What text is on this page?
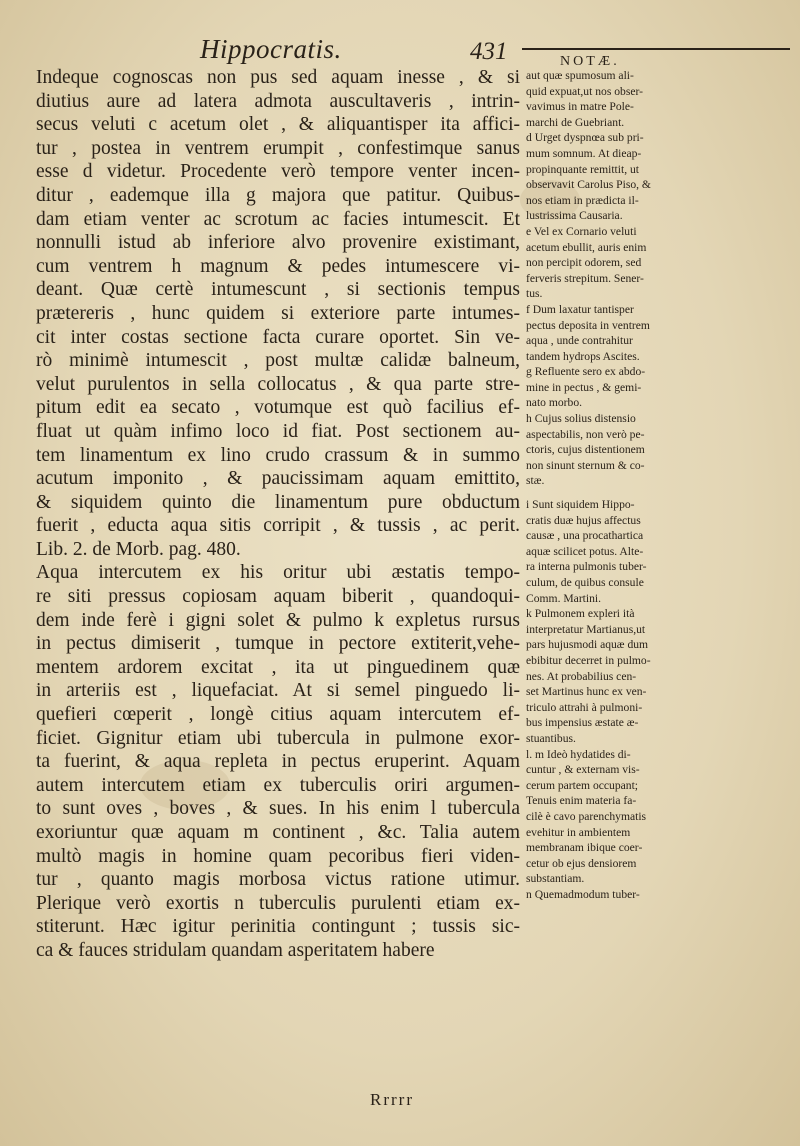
Hippocratis.	431	NOTÆ.
Indeque cognoscas non pus sed aquam inesse , & si
diutius aure ad latera admota auscultaveris , intrin-
secus veluti c acetum olet , & aliquantisper ita affici-
tur , postea in ventrem erumpit , confestimque sanus
esse d videtur. Procedente verò tempore venter incen-
ditur , eademque illa g majora que patitur. Quibus-
dam etiam venter ac scrotum ac facies intumescit. Et
nonnulli istud ab inferiore alvo provenire existimant,
cum ventrem h magnum & pedes intumescere vi-
deant. Quæ certè intumescunt , si sectionis tempus
prætereris , hunc quidem si exteriore parte intumes-
cit inter costas sectione facta curare oportet. Sin ve-
rò minimè intumescit , post multæ calidæ balneum,
velut purulentos in sella collocatus , & qua parte stre-
pitum edit ea secato , votumque est quò facilius ef-
fluat ut quàm infimo loco id fiat. Post sectionem au-
tem linamentum ex lino crudo crassum & in summo
acutum imponito , & paucissimam aquam emittito,
& siquidem quinto die linamentum pure obductum
fuerit , educta aqua sitis corripit , & tussis , ac perit.
Lib. 2. de Morb. pag. 480.
Aqua intercutem ex his oritur ubi æstatis tempo-
re siti pressus copiosam aquam biberit , quandoqui-
dem inde ferè i gigni solet & pulmo k expletus rursus
in pectus dimiserit , tumque in pectore extiterit,vehe-
mentem ardorem excitat , ita ut pinguedinem quæ
in arteriis est , liquefaciat. At si semel pinguedo li-
quefieri cœperit , longè citius aquam intercutem ef-
ficiet. Gignitur etiam ubi tubercula in pulmone exor-
ta fuerint, & aqua repleta in pectus eruperint. Aquam
autem intercutem etiam ex tuberculis oriri argumen-
to sunt oves , boves , & sues. In his enim l tubercula
exoriuntur quæ aquam m continent , &c. Talia autem
multò magis in homine quam pecoribus fieri viden-
tur , quanto magis morbosa victus ratione utimur.
Plerique verò exortis n tuberculis purulenti etiam ex-
stiterunt. Hæc igitur perinitia contingunt ; tussis sic-
ca & fauces stridulam quandam asperitatem habere
aut quæ spumosum ali-
quid expuat,ut nos obser-
vavimus in matre Pole-
marchi de Guebriant.
d Urget dyspnœa sub pri-
mum somnum. At dieap-
propinquante remittit, ut
observavit Carolus Piso, &
nos etiam in prædicta il-
lustrissima Causaria.
e Vel ex Cornario veluti
acetum ebullit, auris enim
non percipit odorem, sed
ferveris strepitum. Sener-
tus.
f Dum laxatur tantisper
pectus deposita in ventrem
aqua , unde contrahitur
tandem hydrops Ascites.
g Refluente sero ex abdo-
mine in pectus , & gemi-
nato morbo.
h Cujus solius distensio
aspectabilis, non verò pe-
ctoris, cujus distentionem
non sinunt sternum & co-
stæ.
i Sunt siquidem Hippo-
cratis duæ hujus affectus
causæ , una procathartica
aquæ scilicet potus. Alte-
ra interna pulmonis tuber-
culum, de quibus consule
Comm. Martini.
k Pulmonem expleri ità
interpretatur Martianus,ut
pars hujusmodi aquæ dum
ebibitur decerret in pulmo-
nes. At probabilius cen-
set Martinus hunc ex ven-
triculo attrahi à pulmoni-
bus impensius æstate æ-
stuantibus.
l. m Ideò hydatides di-
cuntur , & externam vis-
cerum partem occupant;
Tenuis enim materia fa-
cilè è cavo parenchymatis
evehitur in ambientem
membranam ibique coer-
cetur ob ejus densiorem
substantiam.
n Quemadmodum tuber-
Rrrrr
